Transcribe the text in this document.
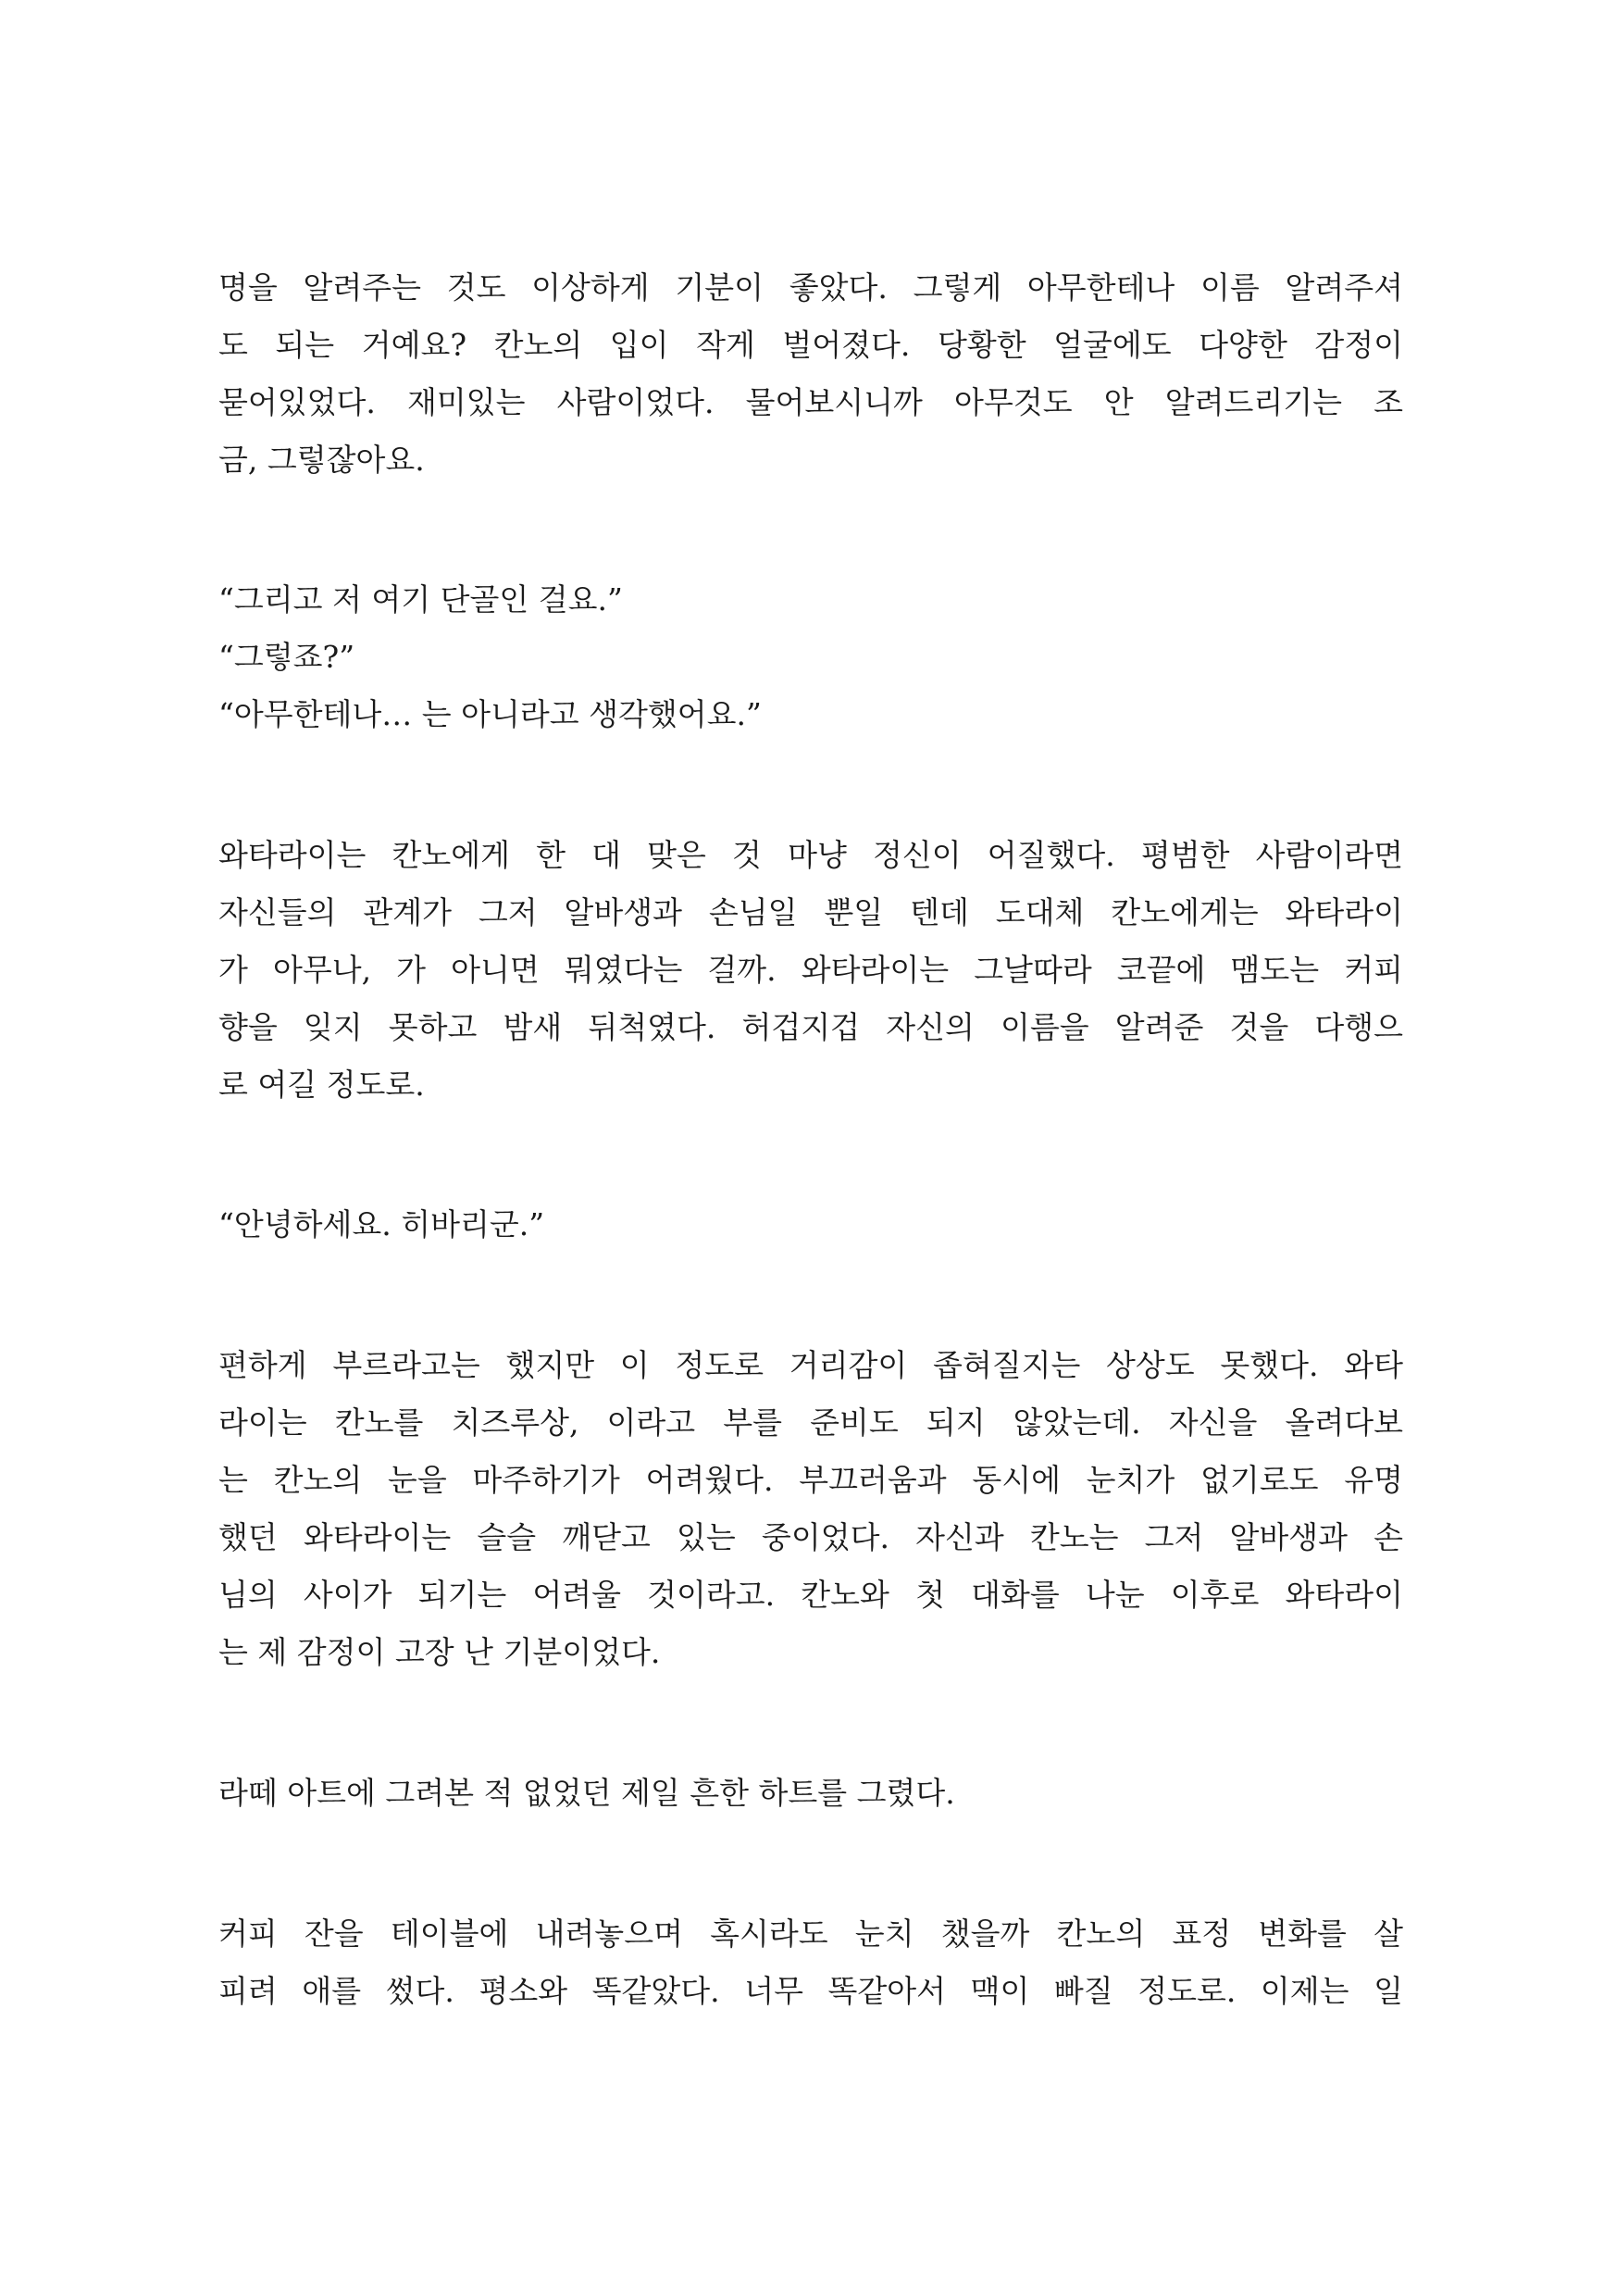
명을 알려주는 것도 이상하게 기분이 좋았다. 그렇게 아무한테나 이름 알려주셔
도 되는 거예요? 칸노의 입이 작게 벌어졌다. 당황한 얼굴에도 다양한 감정이
묻어있었다. 재미있는 사람이었다. 물어보시니까 아무것도 안 알려드리기는 조
금, 그렇잖아요.
“그리고 저 여기 단골인 걸요.”
“그렇죠?”
“아무한테나… 는 아니라고 생각했어요.”
와타라이는 칸노에게 한 대 맞은 것 마냥 정신이 어질했다. 평범한 사람이라면
자신들의 관계가 그저 알바생과 손님일 뿐일 텐데 도대체 칸노에게는 와타라이
가 아무나, 가 아니면 뭐였다는 걸까. 와타라이는 그날따라 코끝에 맴도는 커피
향을 잊지 못하고 밤새 뒤척였다. 허겁지겁 자신의 이름을 알려준 것을 다행으
로 여길 정도로.
“안녕하세요. 히바리군.”
편하게 부르라고는 했지만 이 정도로 거리감이 좁혀질지는 상상도 못했다. 와타
라이는 칸노를 치즈루상, 이라고 부를 준비도 되지 않았는데. 자신을 올려다보
는 칸노의 눈을 마주하기가 어려웠다. 부끄러움과 동시에 눈치가 없기로도 유명
했던 와타라이는 슬슬 깨닫고 있는 중이었다. 자신과 칸노는 그저 알바생과 손
님의 사이가 되기는 어려울 것이라고. 칸노와 첫 대화를 나눈 이후로 와타라이
는 제 감정이 고장 난 기분이었다.
라떼 아트에 그려본 적 없었던 제일 흔한 하트를 그렸다.
커피 잔을 테이블에 내려놓으며 혹시라도 눈치 챘을까 칸노의 표정 변화를 살
피려 애를 썼다. 평소와 똑같았다. 너무 똑같아서 맥이 빠질 정도로. 이제는 일
